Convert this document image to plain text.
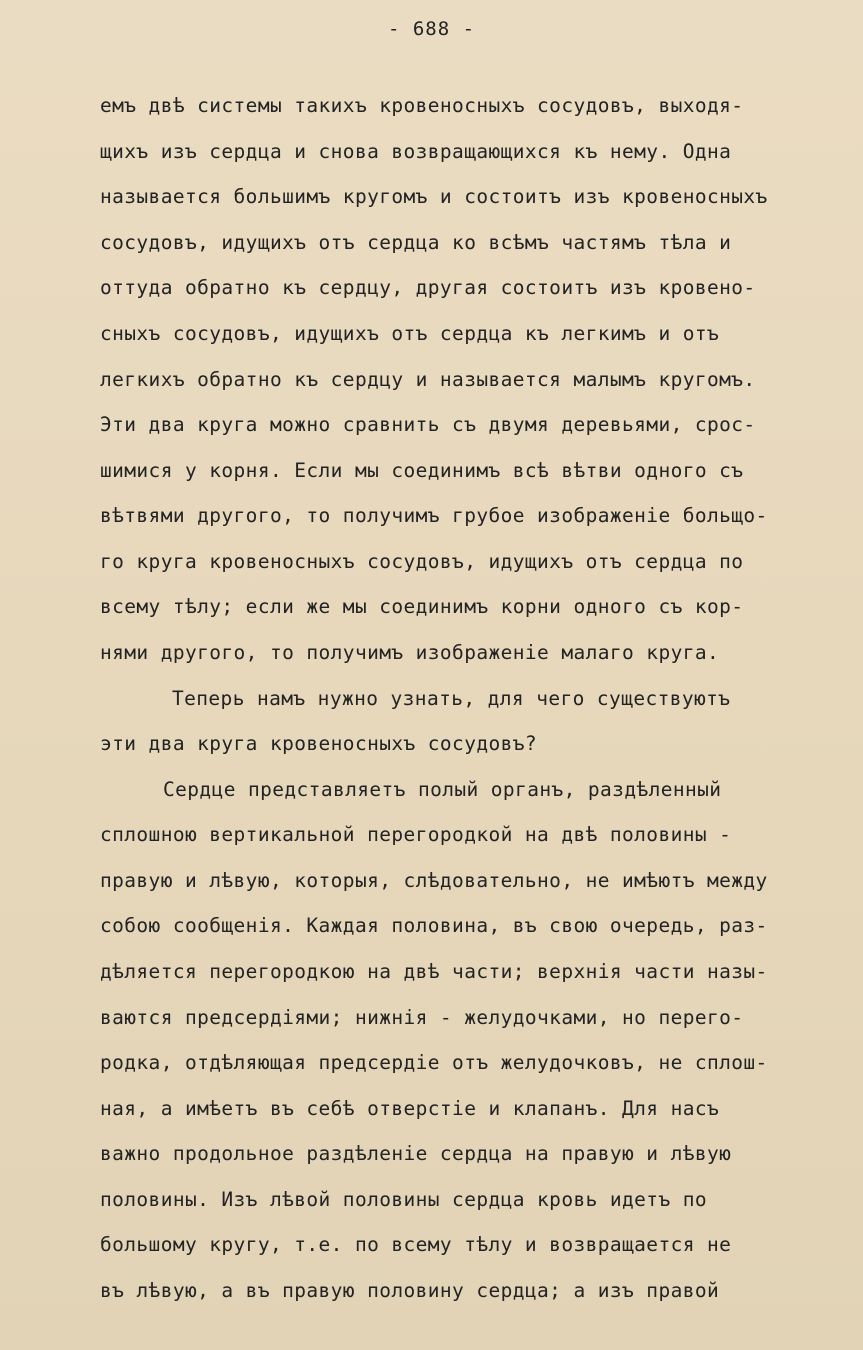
- 688 -
емъ двѣ системы такихъ кровеносныхъ сосудовъ, выходя-
щихъ изъ сердца и снова возвращающихся къ нему. Одна
называется большимъ кругомъ и состоитъ изъ кровеносныхъ
сосудовъ, идущихъ отъ сердца ко всѣмъ частямъ тѣла и
оттуда обратно къ сердцу, другая состоитъ изъ кровено-
сныхъ сосудовъ, идущихъ отъ сердца къ легкимъ и отъ
легкихъ обратно къ сердцу и называется малымъ кругомъ.
Эти два круга можно сравнить съ двумя деревьями, срос-
шимися у корня. Если мы соединимъ всѣ вѣтви одного съ
вѣтвями другого, то получимъ грубое изображенiе больщо-
го круга кровеносныхъ сосудовъ, идущихъ отъ сердца по
всему тѣлу; если же мы соединимъ корни одного съ кор-
нями другого, то получимъ изображенiе малаго круга.
Теперь намъ нужно узнать, для чего существуютъ
эти два круга кровеносныхъ сосудовъ?
Сердце представляетъ полый органъ, раздѣленный
сплошною вертикальной перегородкой на двѣ половины -
правую и лѣвую, которыя, слѣдовательно, не имѣютъ между
собою сообщенiя. Каждая половина, въ свою очередь, раз-
дѣляется перегородкою на двѣ части; верхнiя части назы-
ваются предсердiями; нижнiя - желудочками, но перего-
родка, отдѣляющая предсердiе отъ желудочковъ, не сплош-
ная, а имѣетъ въ себѣ отверстiе и клапанъ. Для насъ
важно продольное раздѣленiе сердца на правую и лѣвую
половины. Изъ лѣвой половины сердца кровь идетъ по
большому кругу, т.е. по всему тѣлу и возвращается не
въ лѣвую, а въ правую половину сердца; а изъ правой
